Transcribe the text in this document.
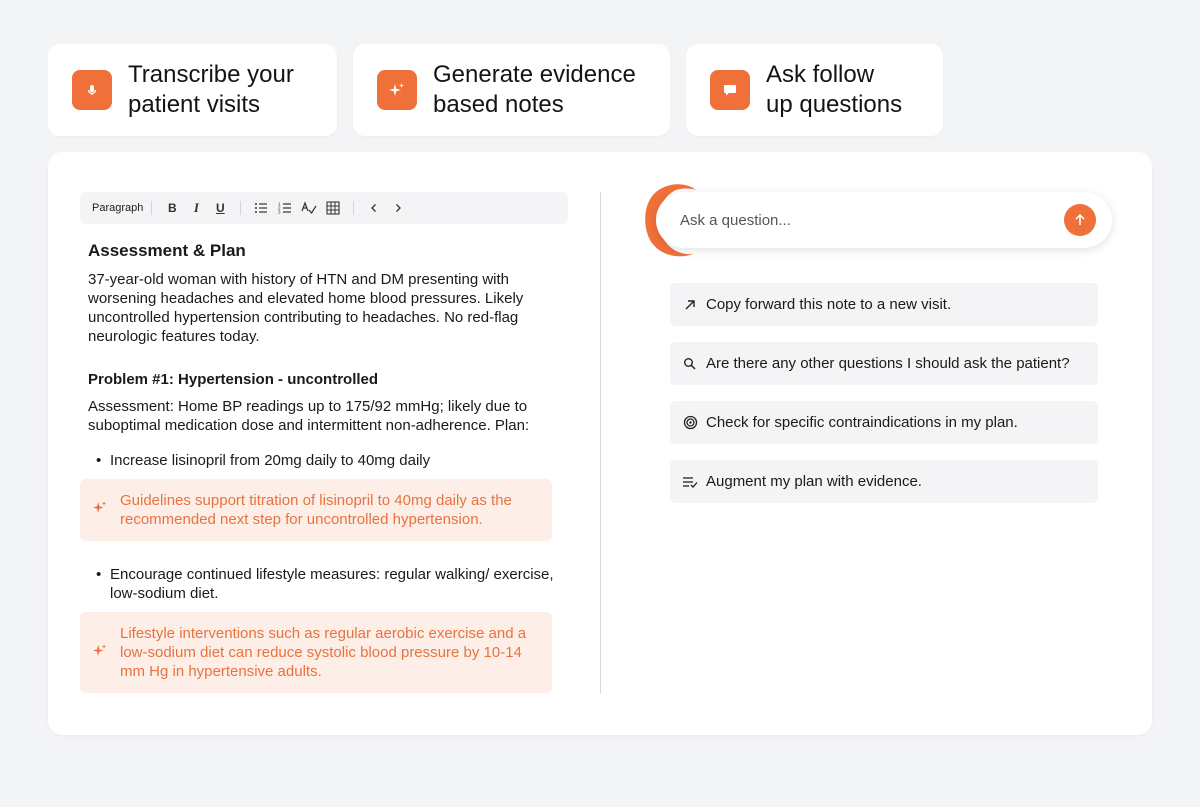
Transcribe your
patient visits
Generate evidence
based notes
Ask follow
up questions
Paragraph	B	I	U	1
2
3
Assessment & Plan
37-year-old woman with history of HTN and DM presenting with worsening headaches and elevated home blood pressures. Likely uncontrolled hypertension contributing to headaches. No red-flag neurologic features today.
Problem #1: Hypertension - uncontrolled
Assessment: Home BP readings up to 175/92 mmHg; likely due to suboptimal medication dose and intermittent non-adherence. Plan:
• Increase lisinopril from 20mg daily to 40mg daily
Guidelines support titration of lisinopril to 40mg daily as the recommended next step for uncontrolled hypertension.
• Encourage continued lifestyle measures: regular walking/ exercise, low-sodium diet.
Lifestyle interventions such as regular aerobic exercise and a low-sodium diet can reduce systolic blood pressure by 10-14 mm Hg in hypertensive adults.
Ask a question...
Copy forward this note to a new visit.
Are there any other questions I should ask the patient?
Check for specific contraindications in my plan.
Augment my plan with evidence.
